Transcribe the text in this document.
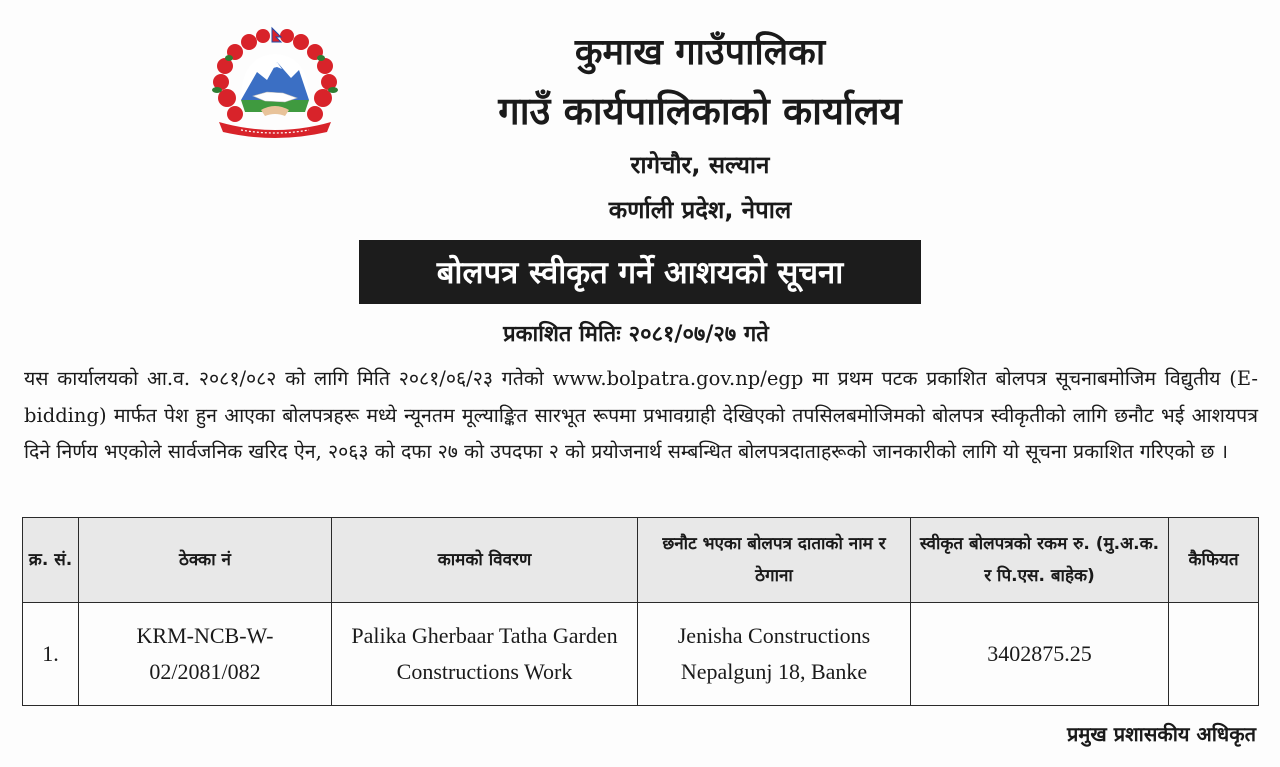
कुमाख गाउँपालिका
गाउँ कार्यपालिकाको कार्यालय
रागेचौर, सल्यान
कर्णाली प्रदेश, नेपाल
बोलपत्र स्वीकृत गर्ने आशयको सूचना
प्रकाशित मितिः २०८१/०७/२७ गते

यस कार्यालयको आ.व. २०८१/०८२ को लागि मिति २०८१/०६/२३ गतेको www.bolpatra.gov.np/egp मा प्रथम पटक प्रकाशित बोलपत्र सूचनाबमोजिम विद्युतीय (E-bidding) मार्फत पेश हुन आएका बोलपत्रहरू मध्ये न्यूनतम मूल्याङ्कित सारभूत रूपमा प्रभावग्राही देखिएको तपसिलबमोजिमको बोलपत्र स्वीकृतीको लागि छनौट भई आशयपत्र दिने निर्णय भएकोले सार्वजनिक खरिद ऐन, २०६३ को दफा २७ को उपदफा २ को प्रयोजनार्थ सम्बन्धित बोलपत्रदाताहरूको जानकारीको लागि यो सूचना प्रकाशित गरिएको छ ।

क्र. सं.	ठेक्का नं	कामको विवरण	छनौट भएका बोलपत्र दाताको नाम र ठेगाना	स्वीकृत बोलपत्रको रकम रु. (मु.अ.क. र पि.एस. बाहेक)	कैफियत
1.	KRM-NCB-W-02/2081/082	Palika Gherbaar Tatha Garden Constructions Work	Jenisha Constructions Nepalgunj 18, Banke	3402875.25	
प्रमुख प्रशासकीय अधिकृत
